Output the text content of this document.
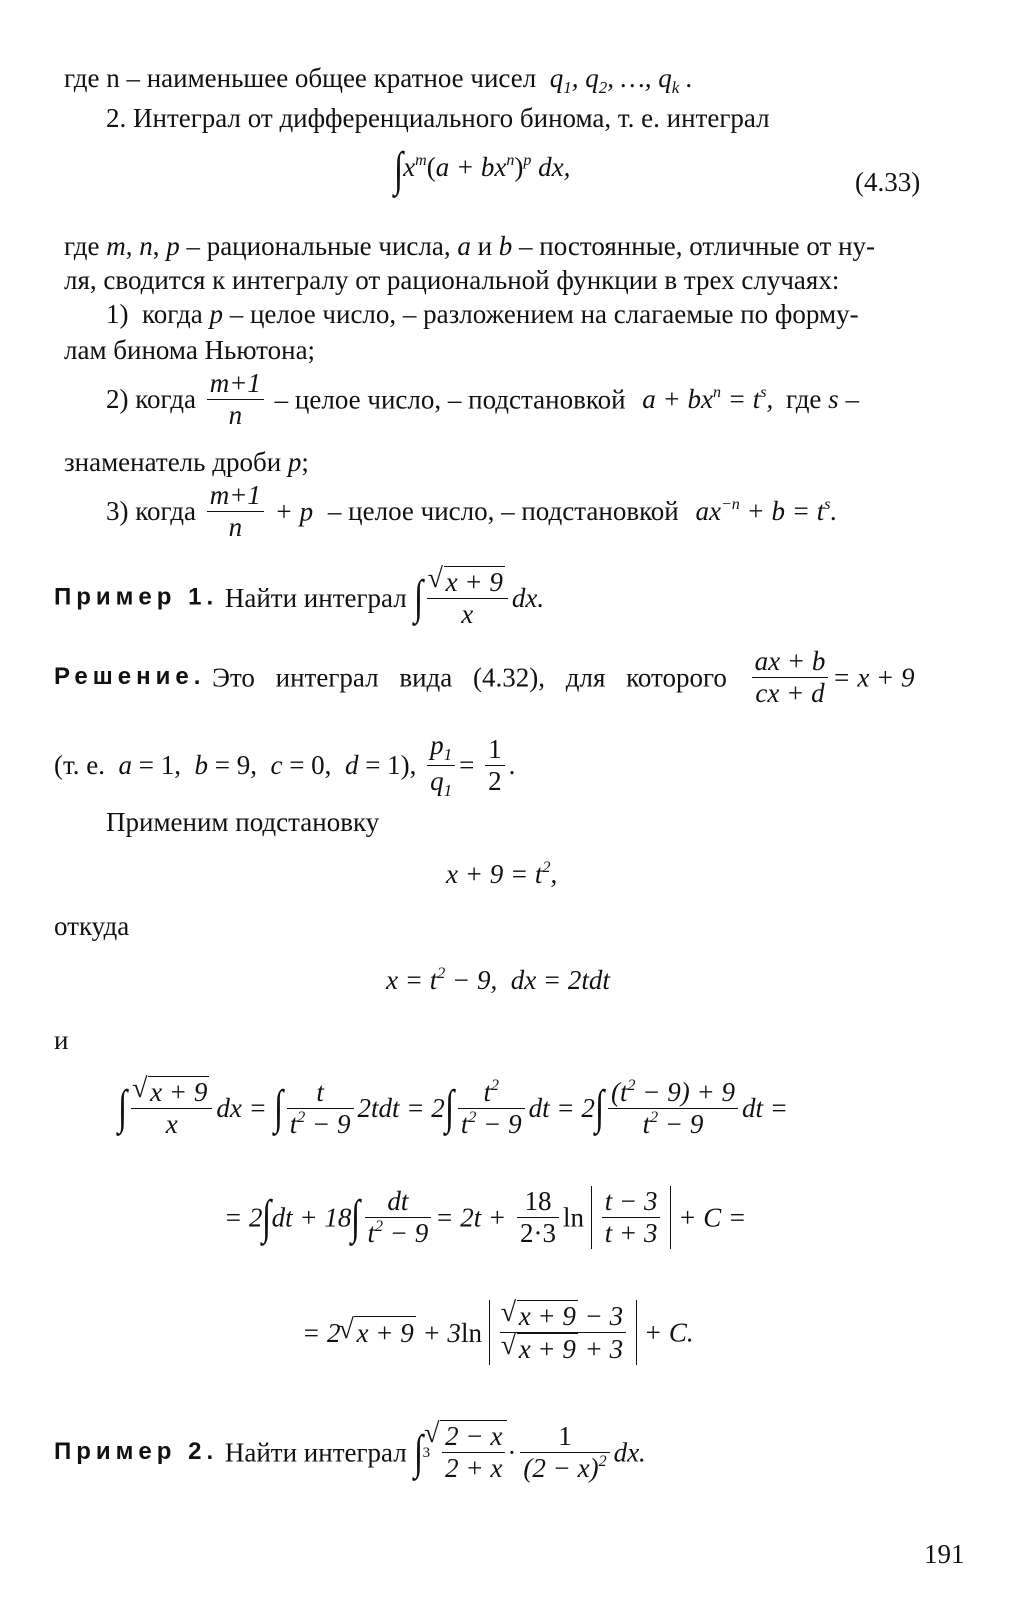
где n – наименьшее общее кратное чисел $q_1$, $q_2$, …, $q_k$ .
2. Интеграл от дифференциального бинома, т. е. интеграл
$\int x^m(a + bx^n)^p$ dx,	(4.33)
где m, n, p – рациональные числа, a и b – постоянные, отличные от ну-
ля, сводится к интегралу от рациональной функции в трех случаях:
1)  когда p – целое число, – разложением на слагаемые по форму-
лам бинома Ньютона;
2) когда $\frac{m+1}{n}$ – целое число, – подстановкой $a + bx^n = t^s$, где s –
знаменатель дроби p;
3) когда $\frac{m+1}{n} + p$ – целое число, – подстановкой $ax^{-n} + b = t^s$.
Пример 1. Найти интеграл ∫ √ $\frac{x + 9}{x}$ dx.
Решение. Это интеграл вида (4.32), для которого $\frac{ax + b}{cx + d} = x + 9$
(т. е.  a = 1,  b = 9,  c = 0,  d = 1), $\frac{p_1}{q_1} = \frac{1}{2}$ .
Применим подстановку
$x + 9 = t^2$,
откуда
$x = t^2 - 9$,  dx = 2tdt
и
∫ √ $\frac{x + 9}{x}$ dx = ∫ $\frac{t}{t^2 - 9} 2tdt = 2\int \frac{t^2}{t^2 - 9}$ dt = $2\int \frac{(t^2 - 9) + 9}{t^2 - 9}$ dt =
= $2\int dt + 18\int \frac{dt}{t^2 - 9} = 2t + \frac{18}{2\cdot 3}$ $\ln \frac{t - 3}{t + 3} + C$ =
= 2 √ x + 9 + 3ln √ x + 9 − 3
√ x + 9 + 3 + C.
Пример 2. Найти интеграл ∫3 √ $\frac{2 - x}{2 + x} \cdot \frac{1}{(2 - x)^2}$ dx.
191
